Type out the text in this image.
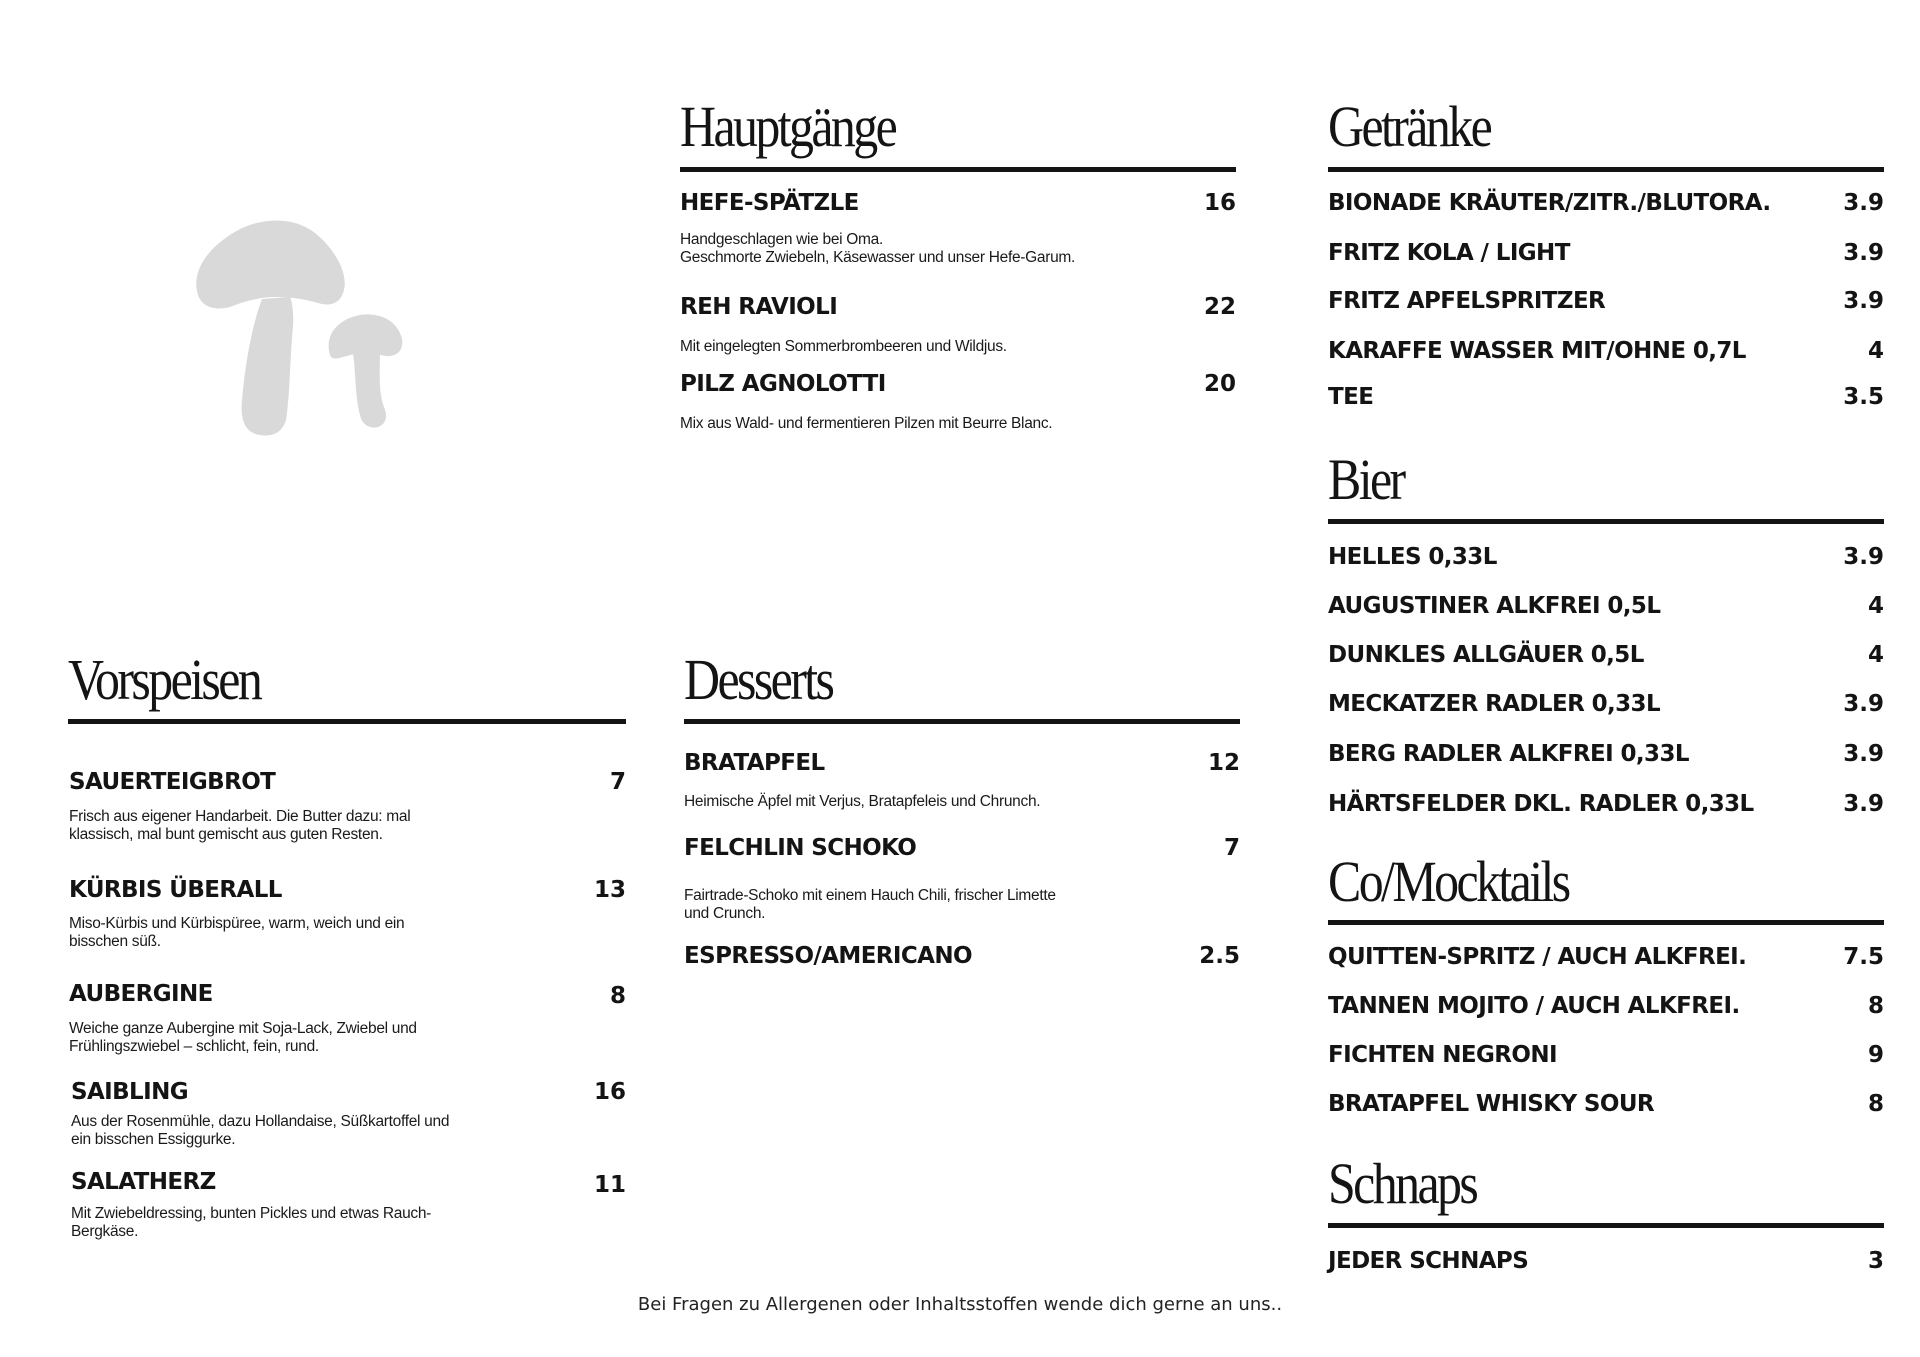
Hauptgänge
HEFE-SPÄTZLE	16
Handgeschlagen wie bei Oma.
Geschmorte Zwiebeln, Käsewasser und unser Hefe-Garum.
REH RAVIOLI	22
Mit eingelegten Sommerbrombeeren und Wildjus.
PILZ AGNOLOTTI	20
Mix aus Wald- und fermentieren Pilzen mit Beurre Blanc.
Vorspeisen
SAUERTEIGBROT	7
Frisch aus eigener Handarbeit. Die Butter dazu: mal
klassisch, mal bunt gemischt aus guten Resten.
KÜRBIS ÜBERALL	13
Miso-Kürbis und Kürbispüree, warm, weich und ein
bisschen süß.
AUBERGINE	8
Weiche ganze Aubergine mit Soja-Lack, Zwiebel und
Frühlingszwiebel – schlicht, fein, rund.
SAIBLING	16
Aus der Rosenmühle, dazu Hollandaise, Süßkartoffel und
ein bisschen Essiggurke.
SALATHERZ	11
Mit Zwiebeldressing, bunten Pickles und etwas Rauch-
Bergkäse.
Desserts
BRATAPFEL	12
Heimische Äpfel mit Verjus, Bratapfeleis und Chrunch.
FELCHLIN SCHOKO	7
Fairtrade-Schoko mit einem Hauch Chili, frischer Limette
und Crunch.
ESPRESSO/AMERICANO	2.5
Getränke
BIONADE KRÄUTER/ZITR./BLUTORA.	3.9
FRITZ KOLA / LIGHT	3.9
FRITZ APFELSPRITZER	3.9
KARAFFE WASSER MIT/OHNE 0,7L	4
TEE	3.5
Bier
HELLES 0,33L	3.9
AUGUSTINER ALKFREI 0,5L	4
DUNKLES ALLGÄUER 0,5L	4
MECKATZER RADLER 0,33L	3.9
BERG RADLER ALKFREI 0,33L	3.9
HÄRTSFELDER DKL. RADLER 0,33L	3.9
Co/Mocktails
QUITTEN-SPRITZ / AUCH ALKFREI.	7.5
TANNEN MOJITO / AUCH ALKFREI.	8
FICHTEN NEGRONI	9
BRATAPFEL WHISKY SOUR	8
Schnaps
JEDER SCHNAPS	3
Bei Fragen zu Allergenen oder Inhaltsstoffen wende dich gerne an uns..
